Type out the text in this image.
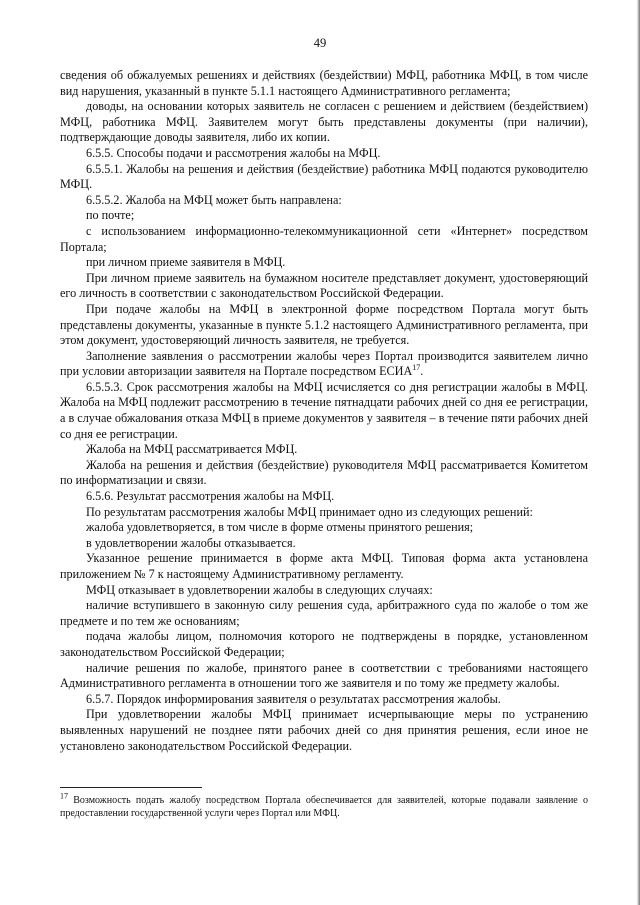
49

сведения об обжалуемых решениях и действиях (бездействии) МФЦ, работника МФЦ, в том числе вид нарушения, указанный в пункте 5.1.1 настоящего Административного регламента;

доводы, на основании которых заявитель не согласен с решением и действием (бездействием) МФЦ, работника МФЦ. Заявителем могут быть представлены документы (при наличии), подтверждающие доводы заявителя, либо их копии.

6.5.5. Способы подачи и рассмотрения жалобы на МФЦ.

6.5.5.1. Жалобы на решения и действия (бездействие) работника МФЦ подаются руководителю МФЦ.

6.5.5.2. Жалоба на МФЦ может быть направлена:

по почте;

с использованием информационно-телекоммуникационной сети «Интернет» посредством Портала;

при личном приеме заявителя в МФЦ.

При личном приеме заявитель на бумажном носителе представляет документ, удостоверяющий его личность в соответствии с законодательством Российской Федерации.

При подаче жалобы на МФЦ в электронной форме посредством Портала могут быть представлены документы, указанные в пункте 5.1.2 настоящего Административного регламента, при этом документ, удостоверяющий личность заявителя, не требуется.

Заполнение заявления о рассмотрении жалобы через Портал производится заявителем лично при условии авторизации заявителя на Портале посредством ЕСИА$^{17}$.

6.5.5.3. Срок рассмотрения жалобы на МФЦ исчисляется со дня регистрации жалобы в МФЦ. Жалоба на МФЦ подлежит рассмотрению в течение пятнадцати рабочих дней со дня ее регистрации, а в случае обжалования отказа МФЦ в приеме документов у заявителя – в течение пяти рабочих дней со дня ее регистрации.

Жалоба на МФЦ рассматривается МФЦ.

Жалоба на решения и действия (бездействие) руководителя МФЦ рассматривается Комитетом по информатизации и связи.

6.5.6. Результат рассмотрения жалобы на МФЦ.

По результатам рассмотрения жалобы МФЦ принимает одно из следующих решений:

жалоба удовлетворяется, в том числе в форме отмены принятого решения;

в удовлетворении жалобы отказывается.

Указанное решение принимается в форме акта МФЦ. Типовая форма акта установлена приложением № 7 к настоящему Административному регламенту.

МФЦ отказывает в удовлетворении жалобы в следующих случаях:

наличие вступившего в законную силу решения суда, арбитражного суда по жалобе о том же предмете и по тем же основаниям;

подача жалобы лицом, полномочия которого не подтверждены в порядке, установленном законодательством Российской Федерации;

наличие решения по жалобе, принятого ранее в соответствии с требованиями настоящего Административного регламента в отношении того же заявителя и по тому же предмету жалобы.

6.5.7. Порядок информирования заявителя о результатах рассмотрения жалобы.

При удовлетворении жалобы МФЦ принимает исчерпывающие меры по устранению выявленных нарушений не позднее пяти рабочих дней со дня принятия решения, если иное не установлено законодательством Российской Федерации.

$^{17}$ Возможность подать жалобу посредством Портала обеспечивается для заявителей, которые подавали заявление о предоставлении государственной услуги через Портал или МФЦ.
